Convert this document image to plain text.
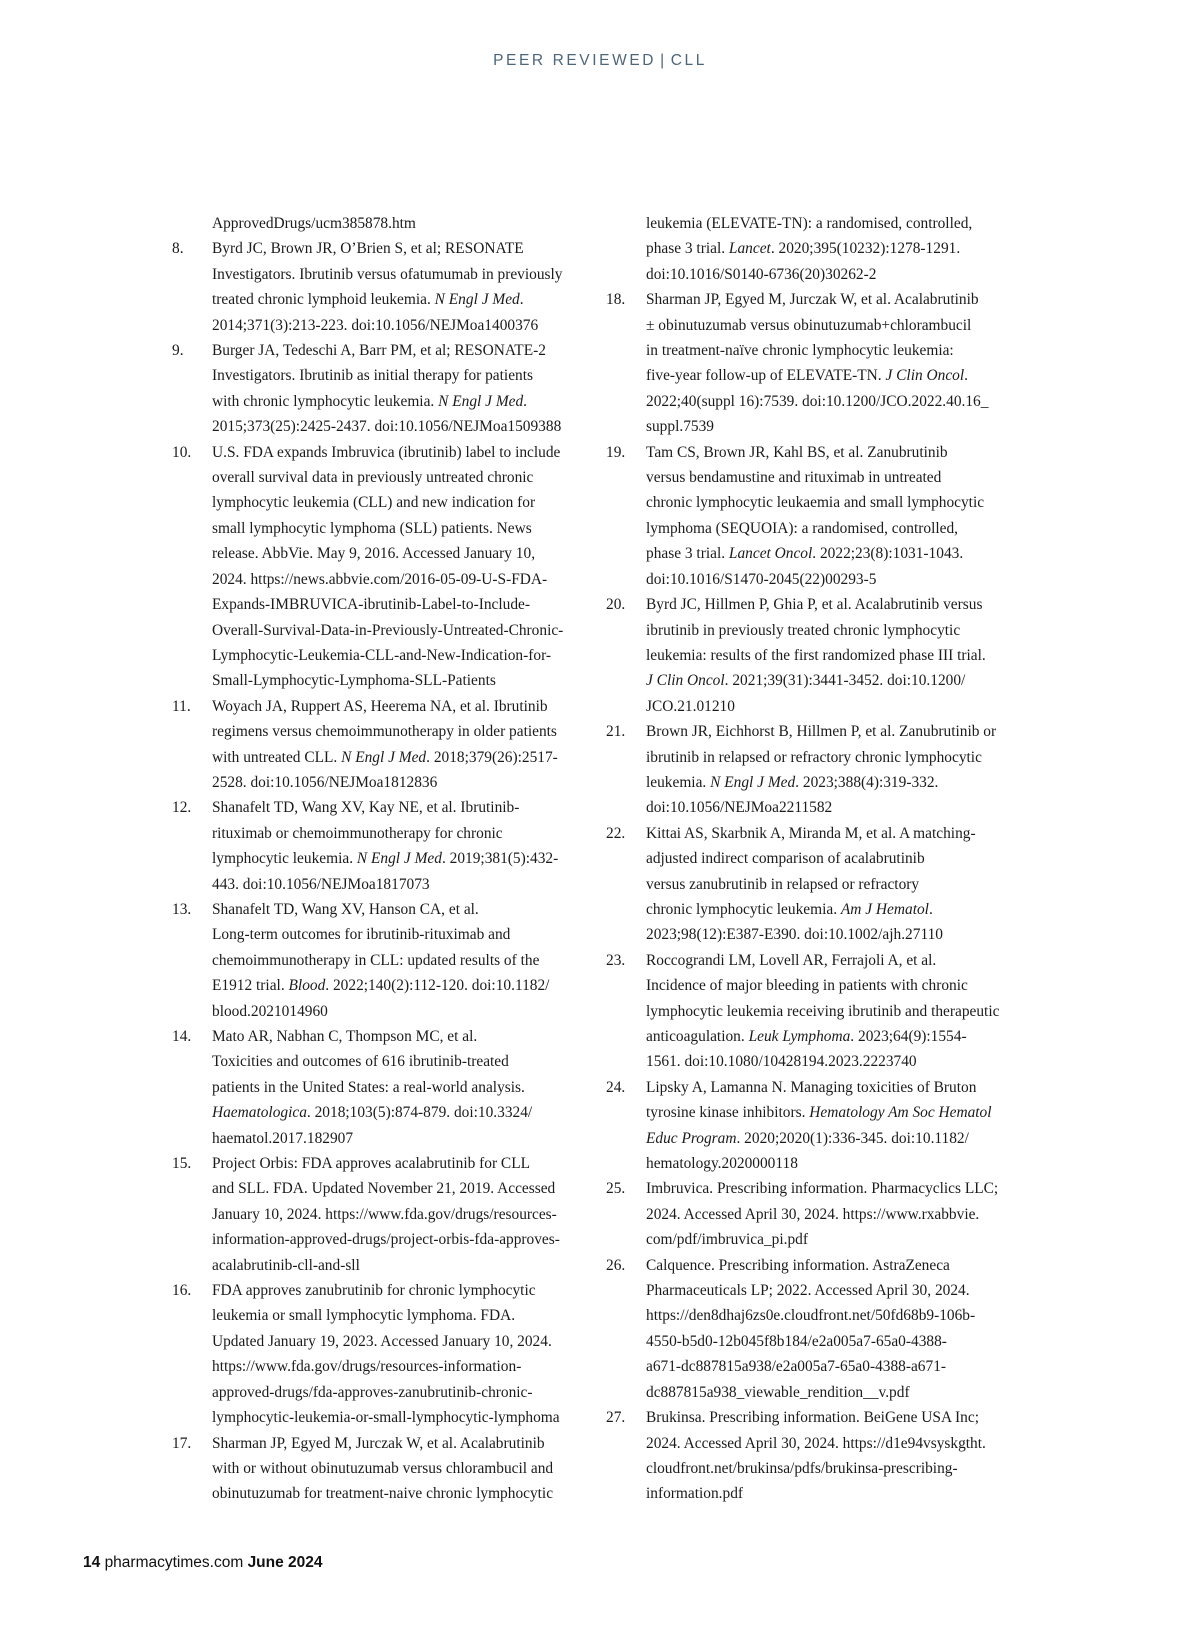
PEER REVIEWED | CLL
ApprovedDrugs/ucm385878.htm
8. Byrd JC, Brown JR, O’Brien S, et al; RESONATE
Investigators. Ibrutinib versus ofatumumab in previously
treated chronic lymphoid leukemia. N Engl J Med.
2014;371(3):213-223. doi:10.1056/NEJMoa1400376
9. Burger JA, Tedeschi A, Barr PM, et al; RESONATE-2
Investigators. Ibrutinib as initial therapy for patients
with chronic lymphocytic leukemia. N Engl J Med.
2015;373(25):2425-2437. doi:10.1056/NEJMoa1509388
10. U.S. FDA expands Imbruvica (ibrutinib) label to include
overall survival data in previously untreated chronic
lymphocytic leukemia (CLL) and new indication for
small lymphocytic lymphoma (SLL) patients. News
release. AbbVie. May 9, 2016. Accessed January 10,
2024. https://news.abbvie.com/2016-05-09-U-S-FDA-
Expands-IMBRUVICA-ibrutinib-Label-to-Include-
Overall-Survival-Data-in-Previously-Untreated-Chronic-
Lymphocytic-Leukemia-CLL-and-New-Indication-for-
Small-Lymphocytic-Lymphoma-SLL-Patients
11. Woyach JA, Ruppert AS, Heerema NA, et al. Ibrutinib
regimens versus chemoimmunotherapy in older patients
with untreated CLL. N Engl J Med. 2018;379(26):2517-
2528. doi:10.1056/NEJMoa1812836
12. Shanafelt TD, Wang XV, Kay NE, et al. Ibrutinib-
rituximab or chemoimmunotherapy for chronic
lymphocytic leukemia. N Engl J Med. 2019;381(5):432-
443. doi:10.1056/NEJMoa1817073
13. Shanafelt TD, Wang XV, Hanson CA, et al.
Long-term outcomes for ibrutinib-rituximab and
chemoimmunotherapy in CLL: updated results of the
E1912 trial. Blood. 2022;140(2):112-120. doi:10.1182/
blood.2021014960
14. Mato AR, Nabhan C, Thompson MC, et al.
Toxicities and outcomes of 616 ibrutinib-treated
patients in the United States: a real-world analysis.
Haematologica. 2018;103(5):874-879. doi:10.3324/
haematol.2017.182907
15. Project Orbis: FDA approves acalabrutinib for CLL
and SLL. FDA. Updated November 21, 2019. Accessed
January 10, 2024. https://www.fda.gov/drugs/resources-
information-approved-drugs/project-orbis-fda-approves-
acalabrutinib-cll-and-sll
16. FDA approves zanubrutinib for chronic lymphocytic
leukemia or small lymphocytic lymphoma. FDA.
Updated January 19, 2023. Accessed January 10, 2024.
https://www.fda.gov/drugs/resources-information-
approved-drugs/fda-approves-zanubrutinib-chronic-
lymphocytic-leukemia-or-small-lymphocytic-lymphoma
17. Sharman JP, Egyed M, Jurczak W, et al. Acalabrutinib
with or without obinutuzumab versus chlorambucil and
obinutuzumab for treatment-naive chronic lymphocytic
leukemia (ELEVATE-TN): a randomised, controlled,
phase 3 trial. Lancet. 2020;395(10232):1278-1291.
doi:10.1016/S0140-6736(20)30262-2
18. Sharman JP, Egyed M, Jurczak W, et al. Acalabrutinib
± obinutuzumab versus obinutuzumab+chlorambucil
in treatment-naïve chronic lymphocytic leukemia:
five-year follow-up of ELEVATE-TN. J Clin Oncol.
2022;40(suppl 16):7539. doi:10.1200/JCO.2022.40.16_
suppl.7539
19. Tam CS, Brown JR, Kahl BS, et al. Zanubrutinib
versus bendamustine and rituximab in untreated
chronic lymphocytic leukaemia and small lymphocytic
lymphoma (SEQUOIA): a randomised, controlled,
phase 3 trial. Lancet Oncol. 2022;23(8):1031-1043.
doi:10.1016/S1470-2045(22)00293-5
20. Byrd JC, Hillmen P, Ghia P, et al. Acalabrutinib versus
ibrutinib in previously treated chronic lymphocytic
leukemia: results of the first randomized phase III trial.
J Clin Oncol. 2021;39(31):3441-3452. doi:10.1200/
JCO.21.01210
21. Brown JR, Eichhorst B, Hillmen P, et al. Zanubrutinib or
ibrutinib in relapsed or refractory chronic lymphocytic
leukemia. N Engl J Med. 2023;388(4):319-332.
doi:10.1056/NEJMoa2211582
22. Kittai AS, Skarbnik A, Miranda M, et al. A matching-
adjusted indirect comparison of acalabrutinib
versus zanubrutinib in relapsed or refractory
chronic lymphocytic leukemia. Am J Hematol.
2023;98(12):E387-E390. doi:10.1002/ajh.27110
23. Roccograndi LM, Lovell AR, Ferrajoli A, et al.
Incidence of major bleeding in patients with chronic
lymphocytic leukemia receiving ibrutinib and therapeutic
anticoagulation. Leuk Lymphoma. 2023;64(9):1554-
1561. doi:10.1080/10428194.2023.2223740
24. Lipsky A, Lamanna N. Managing toxicities of Bruton
tyrosine kinase inhibitors. Hematology Am Soc Hematol
Educ Program. 2020;2020(1):336-345. doi:10.1182/
hematology.2020000118
25. Imbruvica. Prescribing information. Pharmacyclics LLC;
2024. Accessed April 30, 2024. https://www.rxabbvie.
com/pdf/imbruvica_pi.pdf
26. Calquence. Prescribing information. AstraZeneca
Pharmaceuticals LP; 2022. Accessed April 30, 2024.
https://den8dhaj6zs0e.cloudfront.net/50fd68b9-106b-
4550-b5d0-12b045f8b184/e2a005a7-65a0-4388-
a671-dc887815a938/e2a005a7-65a0-4388-a671-
dc887815a938_viewable_rendition__v.pdf
27. Brukinsa. Prescribing information. BeiGene USA Inc;
2024. Accessed April 30, 2024. https://d1e94vsyskgtht.
cloudfront.net/brukinsa/pdfs/brukinsa-prescribing-
information.pdf
14 pharmacytimes.com June 2024
